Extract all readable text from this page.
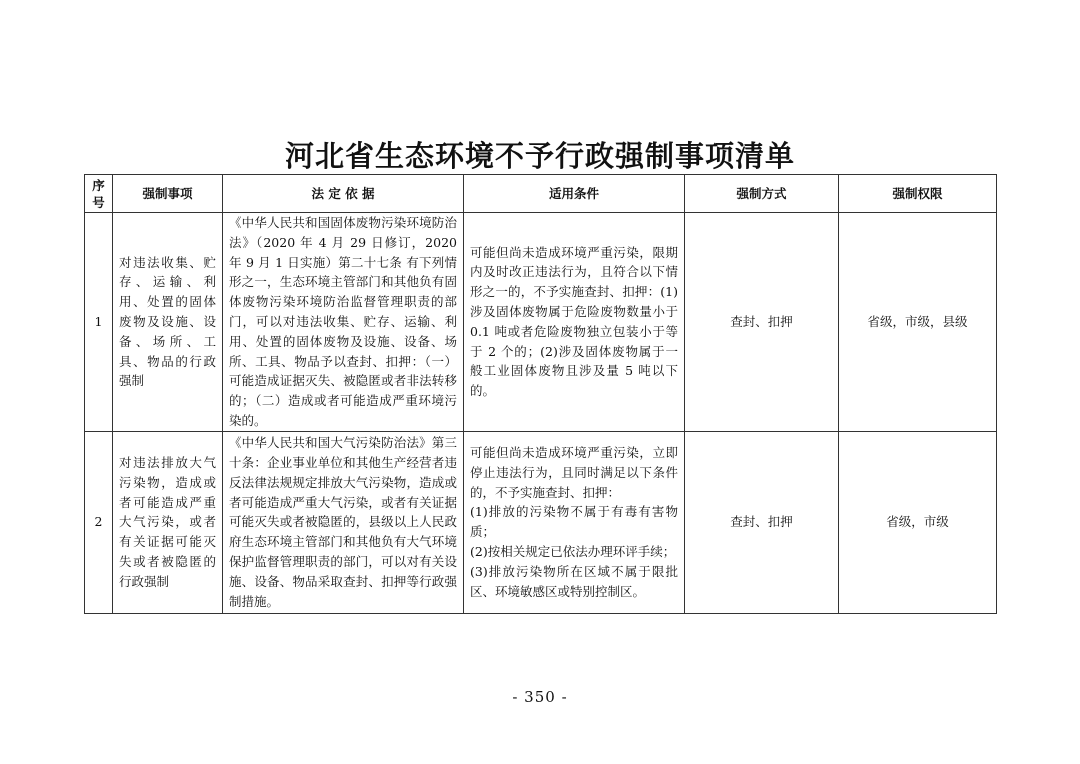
河北省生态环境不予行政强制事项清单
序
号	强制事项	法 定 依 据	适用条件	强制方式	强制权限
1	对违法收集、贮存、运输、利用、处置的固体废物及设施、设备、场所、工具、物品的行政强制	《中华人民共和国固体废物污染环境防治法》（2020 年 4 月 29 日修订，2020 年 9 月 1 日实施）第二十七条 有下列情形之一，生态环境主管部门和其他负有固体废物污染环境防治监督管理职责的部门，可以对违法收集、贮存、运输、利用、处置的固体废物及设施、设备、场所、工具、物品予以查封、扣押：（一）可能造成证据灭失、被隐匿或者非法转移的；（二）造成或者可能造成严重环境污染的。	可能但尚未造成环境严重污染，限期内及时改正违法行为，且符合以下情形之一的，不予实施查封、扣押：(1)涉及固体废物属于危险废物数量小于 0.1 吨或者危险废物独立包装小于等于 2 个的；(2)涉及固体废物属于一般工业固体废物且涉及量 5 吨以下的。	查封、扣押	省级，市级，县级
2	对违法排放大气污染物，造成或者可能造成严重大气污染，或者有关证据可能灭失或者被隐匿的行政强制	《中华人民共和国大气污染防治法》第三十条：企业事业单位和其他生产经营者违反法律法规规定排放大气污染物，造成或者可能造成严重大气污染，或者有关证据可能灭失或者被隐匿的，县级以上人民政府生态环境主管部门和其他负有大气环境保护监督管理职责的部门，可以对有关设施、设备、物品采取查封、扣押等行政强制措施。	可能但尚未造成环境严重污染，立即停止违法行为，且同时满足以下条件的，不予实施查封、扣押：
(1)排放的污染物不属于有毒有害物质；
(2)按相关规定已依法办理环评手续；
(3)排放污染物所在区域不属于限批区、环境敏感区或特别控制区。	查封、扣押	省级，市级
- 350 -
